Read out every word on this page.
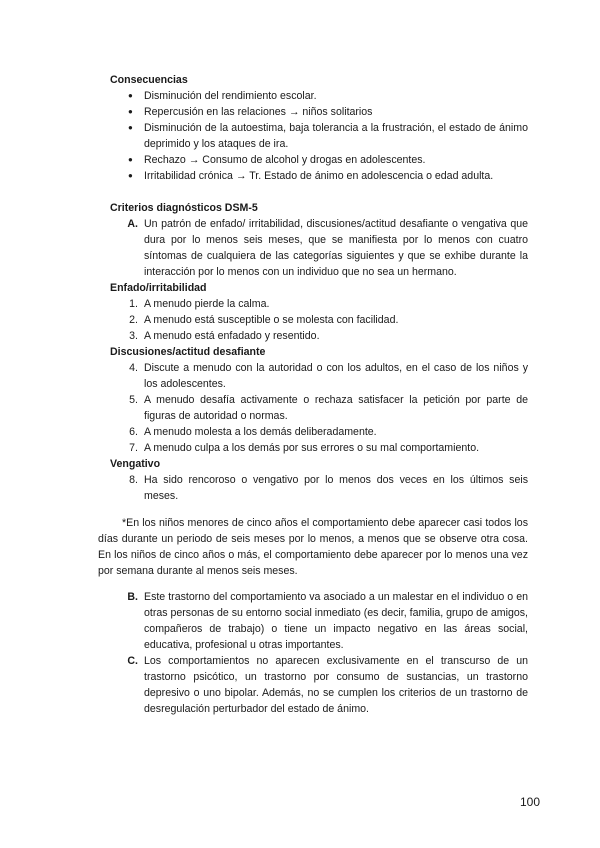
Consecuencias

● Disminución del rendimiento escolar.
● Repercusión en las relaciones → niños solitarios
● Disminución de la autoestima, baja tolerancia a la frustración, el estado de ánimo deprimido y los ataques de ira.
● Rechazo → Consumo de alcohol y drogas en adolescentes.
● Irritabilidad crónica → Tr. Estado de ánimo en adolescencia o edad adulta.

Criterios diagnósticos DSM-5

A. Un patrón de enfado/ irritabilidad, discusiones/actitud desafiante o vengativa que dura por lo menos seis meses, que se manifiesta por lo menos con cuatro síntomas de cualquiera de las categorías siguientes y que se exhibe durante la interacción por lo menos con un individuo que no sea un hermano.

Enfado/irritabilidad

1. A menudo pierde la calma.
2. A menudo está susceptible o se molesta con facilidad.
3. A menudo está enfadado y resentido.

Discusiones/actitud desafiante

4. Discute a menudo con la autoridad o con los adultos, en el caso de los niños y los adolescentes.
5. A menudo desafía activamente o rechaza satisfacer la petición por parte de figuras de autoridad o normas.
6. A menudo molesta a los demás deliberadamente.
7. A menudo culpa a los demás por sus errores o su mal comportamiento.

Vengativo

8. Ha sido rencoroso o vengativo por lo menos dos veces en los últimos seis meses.

*En los niños menores de cinco años el comportamiento debe aparecer casi todos los días durante un periodo de seis meses por lo menos, a menos que se observe otra cosa. En los niños de cinco años o más, el comportamiento debe aparecer por lo menos una vez por semana durante al menos seis meses.

B. Este trastorno del comportamiento va asociado a un malestar en el individuo o en otras personas de su entorno social inmediato (es decir, familia, grupo de amigos, compañeros de trabajo) o tiene un impacto negativo en las áreas social, educativa, profesional u otras importantes.
C. Los comportamientos no aparecen exclusivamente en el transcurso de un trastorno psicótico, un trastorno por consumo de sustancias, un trastorno depresivo o uno bipolar. Además, no se cumplen los criterios de un trastorno de desregulación perturbador del estado de ánimo.
100
